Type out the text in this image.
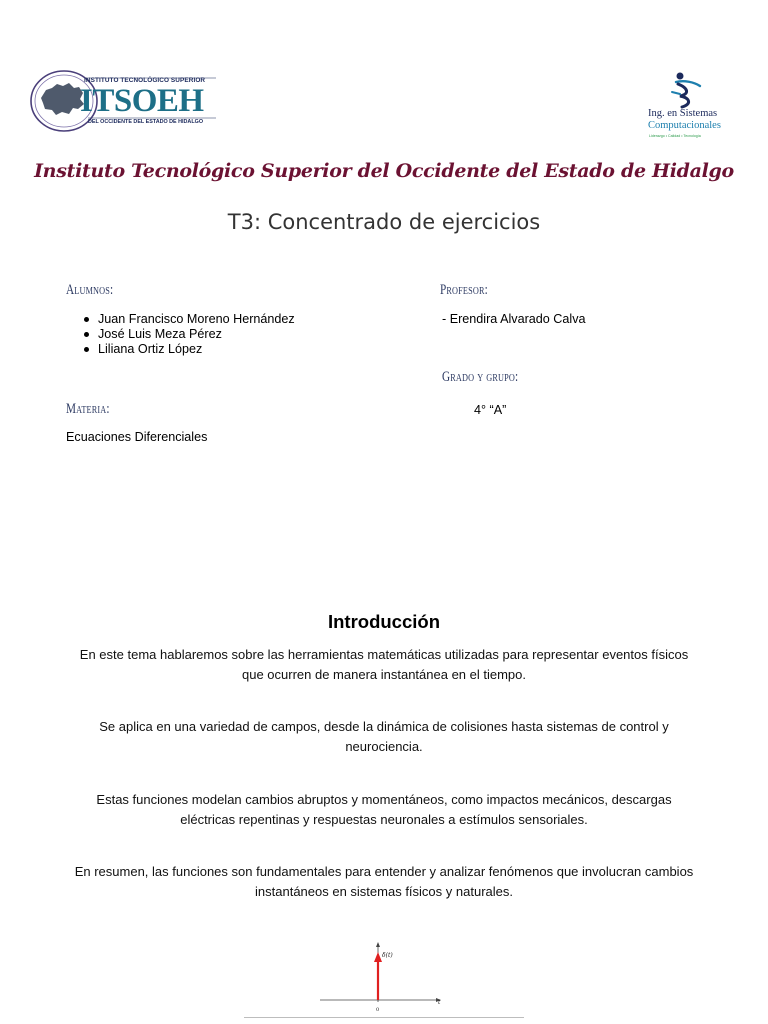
INSTITUTO TECNOLÓGICO SUPERIOR
ITSOEH
DEL OCCIDENTE DEL ESTADO DE HIDALGO
Ing. en Sistemas
Computacionales
Liderazgo • Calidad • Tecnología
Instituto Tecnológico Superior del Occidente del Estado de Hidalgo
T3: Concentrado de ejercicios
Alumnos:
Juan Francisco Moreno Hernández
José Luis Meza Pérez
Liliana Ortiz López
Profesor:
- Erendira Alvarado Calva
Grado y grupo:
4° “A”
Materia:
Ecuaciones Diferenciales
Introducción
En este tema hablaremos sobre las herramientas matemáticas utilizadas para representar eventos físicos
que ocurren de manera instantánea en el tiempo.
Se aplica en una variedad de campos, desde la dinámica de colisiones hasta sistemas de control y
neurociencia.
Estas funciones modelan cambios abruptos y momentáneos, como impactos mecánicos, descargas
eléctricas repentinas y respuestas neuronales a estímulos sensoriales.
En resumen, las funciones son fundamentales para entender y analizar fenómenos que involucran cambios
instantáneos en sistemas físicos y naturales.
δ(t)
t
0
